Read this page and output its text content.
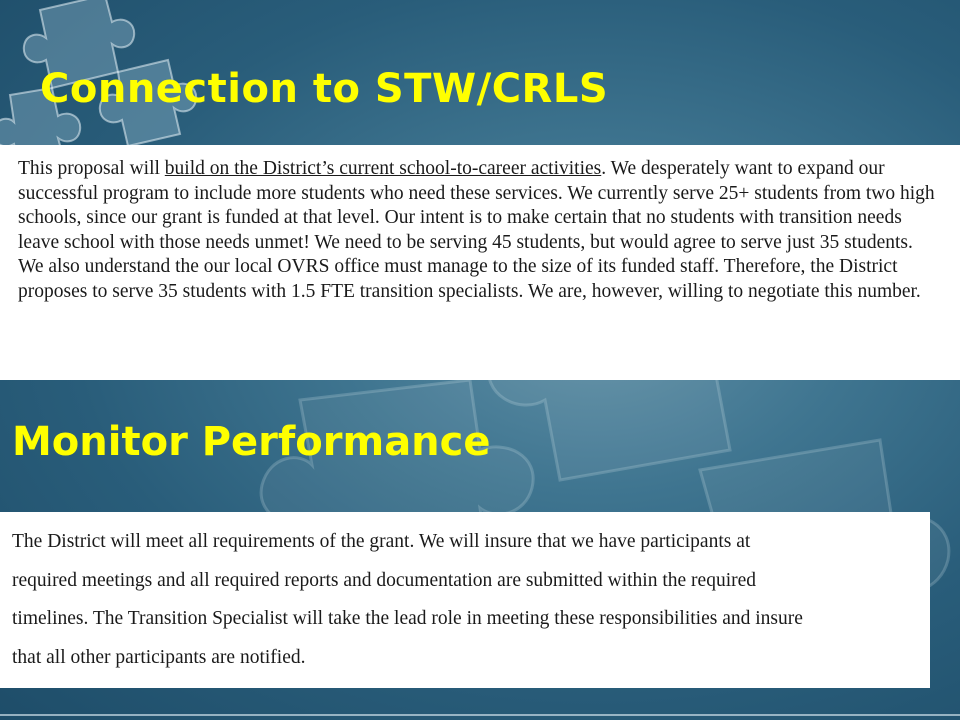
Connection to STW/CRLS

This proposal will build on the District’s current school-to-career activities. We desperately want to expand our successful program to include more students who need these services. We currently serve 25+ students from two high schools, since our grant is funded at that level. Our intent is to make certain that no students with transition needs leave school with those needs unmet! We need to be serving 45 students, but would agree to serve just 35 students. We also understand the our local OVRS office must manage to the size of its funded staff. Therefore, the District proposes to serve 35 students with 1.5 FTE transition specialists. We are, however, willing to negotiate this number.

Monitor Performance

The District will meet all requirements of the grant. We will insure that we have participants at

required meetings and all required reports and documentation are submitted within the required

timelines. The Transition Specialist will take the lead role in meeting these responsibilities and insure

that all other participants are notified.
